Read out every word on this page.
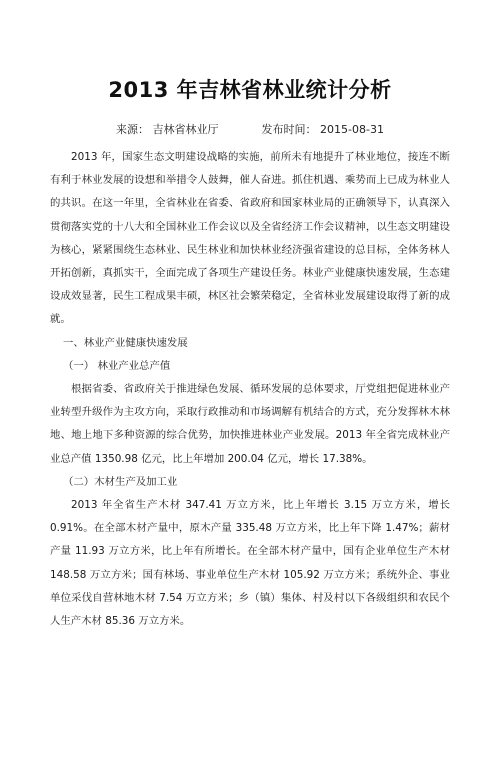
2013 年吉林省林业统计分析
来源： 吉林省林业厅	发布时间： 2015-08-31

2013 年，国家生态文明建设战略的实施，前所未有地提升了林业地位，接连不断有利于林业发展的设想和举措令人鼓舞，催人奋进。抓住机遇、乘势而上已成为林业人的共识。在这一年里，全省林业在省委、省政府和国家林业局的正确领导下，认真深入贯彻落实党的十八大和全国林业工作会议以及全省经济工作会议精神，以生态文明建设为核心，紧紧围绕生态林业、民生林业和加快林业经济强省建设的总目标，全体务林人开拓创新，真抓实干，全面完成了各项生产建设任务。林业产业健康快速发展，生态建设成效显著，民生工程成果丰硕，林区社会繁荣稳定，全省林业发展建设取得了新的成就。

一、林业产业健康快速发展

（一） 林业产业总产值

根据省委、省政府关于推进绿色发展、循环发展的总体要求，厅党组把促进林业产业转型升级作为主攻方向，采取行政推动和市场调解有机结合的方式，充分发挥林木林地、地上地下多种资源的综合优势，加快推进林业产业发展。2013 年全省完成林业产业总产值 1350.98 亿元，比上年增加 200.04 亿元，增长 17.38%。

（二）木材生产及加工业

2013 年全省生产木材 347.41 万立方米，比上年增长 3.15 万立方米，增长 0.91%。在全部木材产量中，原木产量 335.48 万立方米，比上年下降 1.47%；薪材产量 11.93 万立方米，比上年有所增长。在全部木材产量中，国有企业单位生产木材 148.58 万立方米；国有林场、事业单位生产木材 105.92 万立方米；系统外企、事业单位采伐自营林地木材 7.54 万立方米；乡（镇）集体、村及村以下各级组织和农民个人生产木材 85.36 万立方米。
